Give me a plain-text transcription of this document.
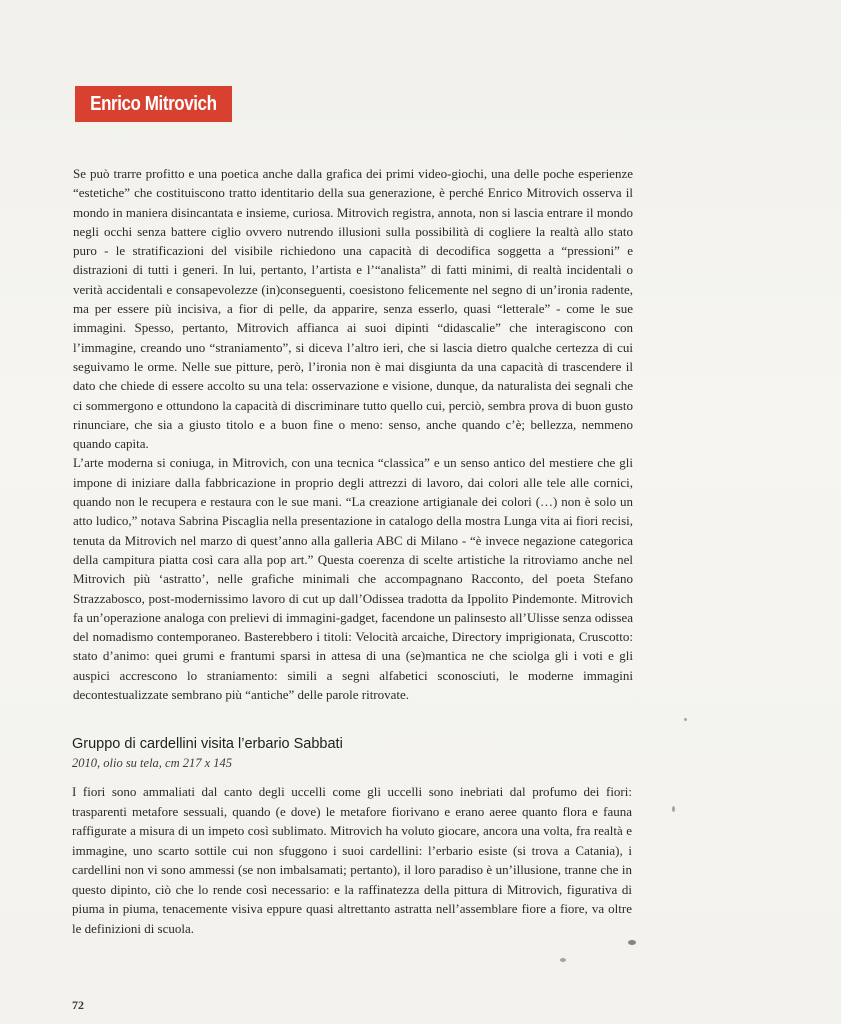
Enrico Mitrovich

Se può trarre profitto e una poetica anche dalla grafica dei primi video-giochi, una delle poche esperienze “estetiche” che costituiscono tratto identitario della sua generazione, è perché Enrico Mitrovich osserva il mondo in maniera disincantata e insieme, curiosa. Mitrovich registra, annota, non si lascia entrare il mondo negli occhi senza battere ciglio ovvero nutrendo illusioni sulla possibilità di cogliere la realtà allo stato puro - le stratificazioni del visibile richiedono una capacità di decodifica soggetta a “pressioni” e distrazioni di tutti i generi. In lui, pertanto, l’artista e l’“analista” di fatti minimi, di realtà incidentali o verità accidentali e consapevolezze (in)conseguenti, coesistono felicemente nel segno di un’ironia radente, ma per essere più incisiva, a fior di pelle, da apparire, senza esserlo, quasi “letterale” - come le sue immagini. Spesso, pertanto, Mitrovich affianca ai suoi dipinti “didascalie” che interagiscono con l’immagine, creando uno “straniamento”, si diceva l’altro ieri, che si lascia dietro qualche certezza di cui seguivamo le orme. Nelle sue pitture, però, l’ironia non è mai disgiunta da una capacità di trascendere il dato che chiede di essere accolto su una tela: osservazione e visione, dunque, da naturalista dei segnali che ci sommergono e ottundono la capacità di discriminare tutto quello cui, perciò, sembra prova di buon gusto rinunciare, che sia a giusto titolo e a buon fine o meno: senso, anche quando c’è; bellezza, nemmeno quando capita.

L’arte moderna si coniuga, in Mitrovich, con una tecnica “classica” e un senso antico del mestiere che gli impone di iniziare dalla fabbricazione in proprio degli attrezzi di lavoro, dai colori alle tele alle cornici, quando non le recupera e restaura con le sue mani. “La creazione artigianale dei colori (…) non è solo un atto ludico,” notava Sabrina Piscaglia nella presentazione in catalogo della mostra Lunga vita ai fiori recisi, tenuta da Mitrovich nel marzo di quest’anno alla galleria ABC di Milano - “è invece negazione categorica della campitura piatta così cara alla pop art.” Questa coerenza di scelte artistiche la ritroviamo anche nel Mitrovich più ‘astratto’, nelle grafiche minimali che accompagnano Racconto, del poeta Stefano Strazzabosco, post-modernissimo lavoro di cut up dall’Odissea tradotta da Ippolito Pindemonte. Mitrovich fa un’operazione analoga con prelievi di immagini-gadget, facendone un palinsesto all’Ulisse senza odissea del nomadismo contemporaneo. Basterebbero i titoli: Velocità arcaiche, Directory imprigionata, Cruscotto: stato d’animo: quei grumi e frantumi sparsi in attesa di una (se)mantica ne che sciolga gli i voti e gli auspici accrescono lo straniamento: simili a segni alfabetici sconosciuti, le moderne immagini decontestualizzate sembrano più “antiche” delle parole ritrovate.

Gruppo di cardellini visita l’erbario Sabbati
2010, olio su tela, cm 217 x 145

I fiori sono ammaliati dal canto degli uccelli come gli uccelli sono inebriati dal profumo dei fiori: trasparenti metafore sessuali, quando (e dove) le metafore fiorivano e erano aeree quanto flora e fauna raffigurate a misura di un impeto così sublimato. Mitrovich ha voluto giocare, ancora una volta, fra realtà e immagine, uno scarto sottile cui non sfuggono i suoi cardellini: l’erbario esiste (si trova a Catania), i cardellini non vi sono ammessi (se non imbalsamati; pertanto), il loro paradiso è un’illusione, tranne che in questo dipinto, ciò che lo rende così necessario: e la raffinatezza della pittura di Mitrovich, figurativa di piuma in piuma, tenacemente visiva eppure quasi altrettanto astratta nell’assemblare fiore a fiore, va oltre le definizioni di scuola.

72
